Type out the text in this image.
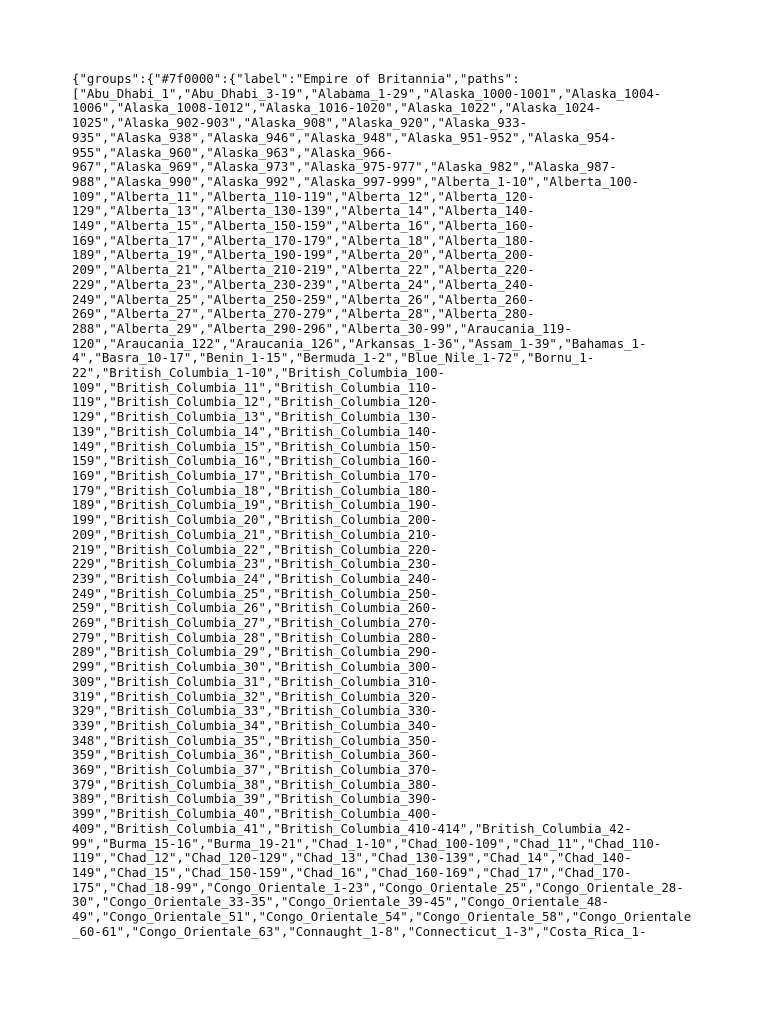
{"groups":{"#7f0000":{"label":"Empire of Britannia","paths":
["Abu_Dhabi_1","Abu_Dhabi_3-19","Alabama_1-29","Alaska_1000-1001","Alaska_1004-
1006","Alaska_1008-1012","Alaska_1016-1020","Alaska_1022","Alaska_1024-
1025","Alaska_902-903","Alaska_908","Alaska_920","Alaska_933-
935","Alaska_938","Alaska_946","Alaska_948","Alaska_951-952","Alaska_954-
955","Alaska_960","Alaska_963","Alaska_966-
967","Alaska_969","Alaska_973","Alaska_975-977","Alaska_982","Alaska_987-
988","Alaska_990","Alaska_992","Alaska_997-999","Alberta_1-10","Alberta_100-
109","Alberta_11","Alberta_110-119","Alberta_12","Alberta_120-
129","Alberta_13","Alberta_130-139","Alberta_14","Alberta_140-
149","Alberta_15","Alberta_150-159","Alberta_16","Alberta_160-
169","Alberta_17","Alberta_170-179","Alberta_18","Alberta_180-
189","Alberta_19","Alberta_190-199","Alberta_20","Alberta_200-
209","Alberta_21","Alberta_210-219","Alberta_22","Alberta_220-
229","Alberta_23","Alberta_230-239","Alberta_24","Alberta_240-
249","Alberta_25","Alberta_250-259","Alberta_26","Alberta_260-
269","Alberta_27","Alberta_270-279","Alberta_28","Alberta_280-
288","Alberta_29","Alberta_290-296","Alberta_30-99","Araucania_119-
120","Araucania_122","Araucania_126","Arkansas_1-36","Assam_1-39","Bahamas_1-
4","Basra_10-17","Benin_1-15","Bermuda_1-2","Blue_Nile_1-72","Bornu_1-
22","British_Columbia_1-10","British_Columbia_100-
109","British_Columbia_11","British_Columbia_110-
119","British_Columbia_12","British_Columbia_120-
129","British_Columbia_13","British_Columbia_130-
139","British_Columbia_14","British_Columbia_140-
149","British_Columbia_15","British_Columbia_150-
159","British_Columbia_16","British_Columbia_160-
169","British_Columbia_17","British_Columbia_170-
179","British_Columbia_18","British_Columbia_180-
189","British_Columbia_19","British_Columbia_190-
199","British_Columbia_20","British_Columbia_200-
209","British_Columbia_21","British_Columbia_210-
219","British_Columbia_22","British_Columbia_220-
229","British_Columbia_23","British_Columbia_230-
239","British_Columbia_24","British_Columbia_240-
249","British_Columbia_25","British_Columbia_250-
259","British_Columbia_26","British_Columbia_260-
269","British_Columbia_27","British_Columbia_270-
279","British_Columbia_28","British_Columbia_280-
289","British_Columbia_29","British_Columbia_290-
299","British_Columbia_30","British_Columbia_300-
309","British_Columbia_31","British_Columbia_310-
319","British_Columbia_32","British_Columbia_320-
329","British_Columbia_33","British_Columbia_330-
339","British_Columbia_34","British_Columbia_340-
348","British_Columbia_35","British_Columbia_350-
359","British_Columbia_36","British_Columbia_360-
369","British_Columbia_37","British_Columbia_370-
379","British_Columbia_38","British_Columbia_380-
389","British_Columbia_39","British_Columbia_390-
399","British_Columbia_40","British_Columbia_400-
409","British_Columbia_41","British_Columbia_410-414","British_Columbia_42-
99","Burma_15-16","Burma_19-21","Chad_1-10","Chad_100-109","Chad_11","Chad_110-
119","Chad_12","Chad_120-129","Chad_13","Chad_130-139","Chad_14","Chad_140-
149","Chad_15","Chad_150-159","Chad_16","Chad_160-169","Chad_17","Chad_170-
175","Chad_18-99","Congo_Orientale_1-23","Congo_Orientale_25","Congo_Orientale_28-
30","Congo_Orientale_33-35","Congo_Orientale_39-45","Congo_Orientale_48-
49","Congo_Orientale_51","Congo_Orientale_54","Congo_Orientale_58","Congo_Orientale
_60-61","Congo_Orientale_63","Connaught_1-8","Connecticut_1-3","Costa_Rica_1-
